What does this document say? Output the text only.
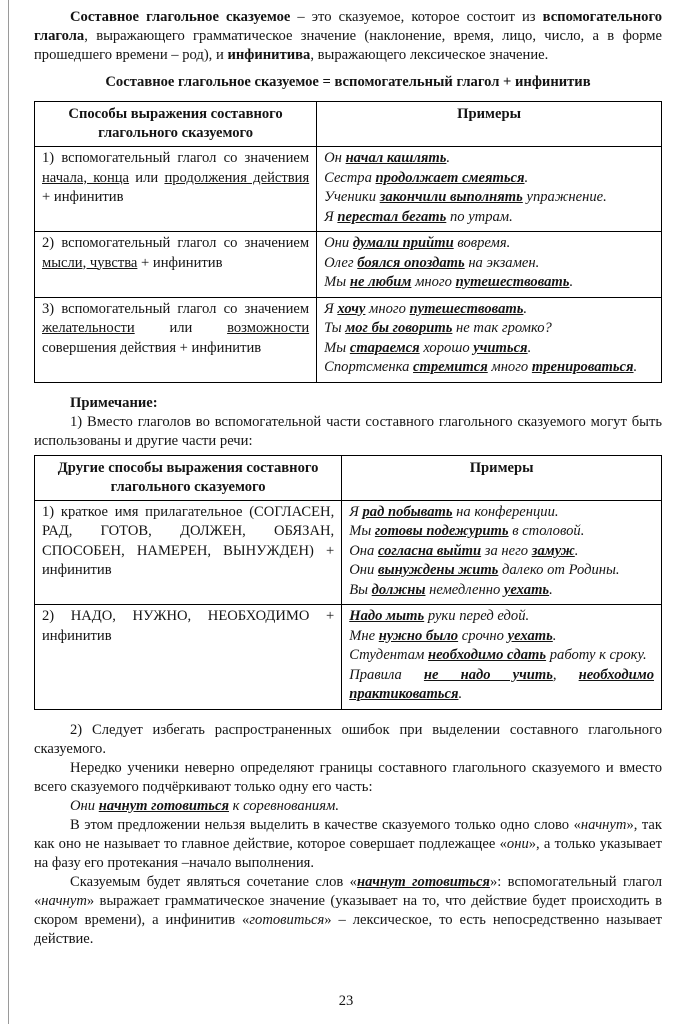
Составное глагольное сказуемое – это сказуемое, которое состоит из вспомогательного глагола, выражающего грамматическое значение (наклонение, время, лицо, число, а в форме прошедшего времени – род), и инфинитива, выражающего лексическое значение.

Составное глагольное сказуемое = вспомогательный глагол + инфинитив
Способы выражения составного глагольного сказуемого	Примеры

1) вспомогательный глагол со значением начала, конца или продолжения действия + инфинитив	Он начал кашлять.
Сестра продолжает смеяться.
Ученики закончили выполнять упражнение.
Я перестал бегать по утрам.

2) вспомогательный глагол со значением мысли, чувства + инфинитив	Они думали прийти вовремя.
Олег боялся опоздать на экзамен.
Мы не любим много путешествовать.

3) вспомогательный глагол со значением желательности или возможности совершения действия + инфинитив	Я хочу много путешествовать.
Ты мог бы говорить не так громко?
Мы стараемся хорошо учиться.
Спортсменка стремится много тренироваться.
Примечание:

1) Вместо глаголов во вспомогательной части составного глагольного сказуемого могут быть использованы и другие части речи:

Другие способы выражения составного глагольного сказуемого	Примеры

1) краткое имя прилагательное (СОГЛАСЕН, РАД, ГОТОВ, ДОЛЖЕН, ОБЯЗАН, СПОСОБЕН, НАМЕРЕН, ВЫНУЖДЕН) + инфинитив	Я рад побывать на конференции.
Мы готовы подежурить в столовой.
Она согласна выйти за него замуж.
Они вынуждены жить далеко от Родины.
Вы должны немедленно уехать.

2) НАДО, НУЖНО, НЕОБХОДИМО + инфинитив	Надо мыть руки перед едой.
Мне нужно было срочно уехать.
Студентам необходимо сдать работу к сроку.
Правила не надо учить, необходимо практиковаться.

2) Следует избегать распространенных ошибок при выделении составного глагольного сказуемого.

Нередко ученики неверно определяют границы составного глагольного сказуемого и вместо всего сказуемого подчёркивают только одну его часть:

Они начнут готовиться к соревнованиям.

В этом предложении нельзя выделить в качестве сказуемого только одно слово «начнут», так как оно не называет то главное действие, которое совершает подлежащее «они», а только указывает на фазу его протекания –начало выполнения.

Сказуемым будет являться сочетание слов «начнут готовиться»: вспомогательный глагол «начнут» выражает грамматическое значение (указывает на то, что действие будет происходить в скором времени), а инфинитив «готовиться» – лексическое, то есть непосредственно называет действие.

23
